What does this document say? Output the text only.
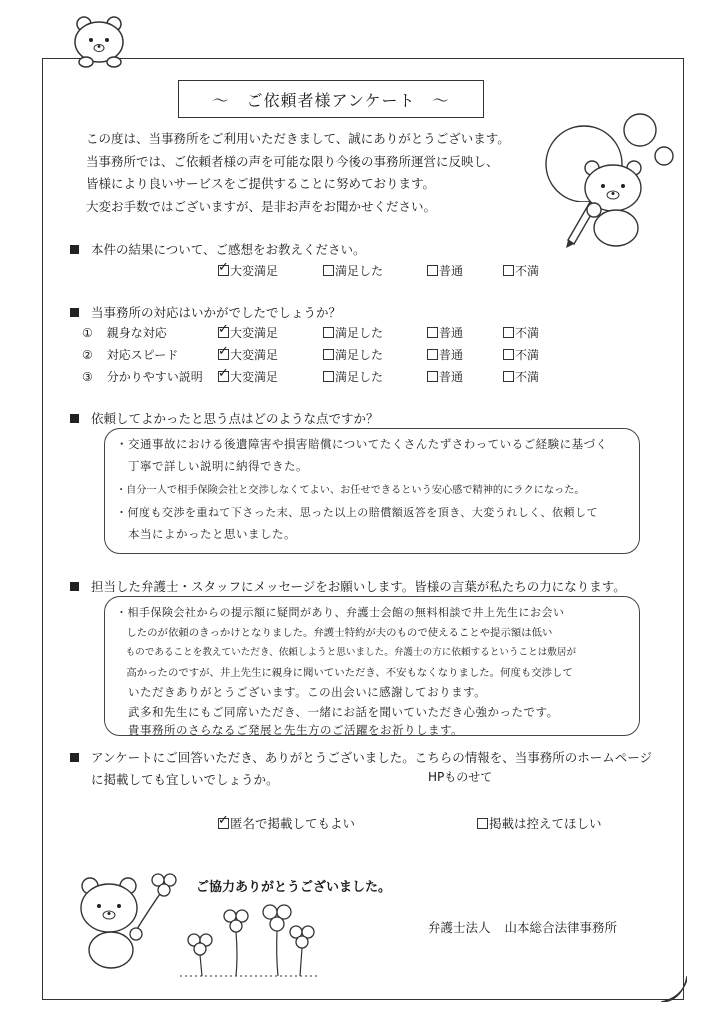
〜　ご依頼者様アンケート　〜
この度は、当事務所をご利用いただきまして、誠にありがとうございます。
当事務所では、ご依頼者様の声を可能な限り今後の事務所運営に反映し、
皆様により良いサービスをご提供することに努めております。
大変お手数ではございますが、是非お声をお聞かせください。
本件の結果について、ご感想をお教えください。
✓ 大変満足	満足した	普通	不満
当事務所の対応はいかがでしたでしょうか？
① 親身な対応	✓ 大変満足	満足した	普通	不満
② 対応スピード	✓ 大変満足	満足した	普通	不満
③ 分かりやすい説明 ✓ 大変満足	満足した	普通	不満
依頼してよかったと思う点はどのような点ですか？
・交通事故における後遺障害や損害賠償についてたくさんたずさわっているご経験に基づく
　丁寧で詳しい説明に納得できた。
・自分一人で相手保険会社と交渉しなくてよい、お任せできるという安心感で精神的にラクになった。
・何度も交渉を重ねて下さった末、思った以上の賠償額返答を頂き、大変うれしく、依頼して
　本当によかったと思いました。
担当した弁護士・スタッフにメッセージをお願いします。皆様の言葉が私たちの力になります。
・相手保険会社からの提示額に疑問があり、弁護士会館の無料相談で井上先生にお会い
　したのが依頼のきっかけとなりました。弁護士特約が夫のもので使えることや提示額は低い
　ものであることを教えていただき、依頼しようと思いました。弁護士の方に依頼するということは敷居が
　高かったのですが、井上先生に親身に聞いていただき、不安もなくなりました。何度も交渉して
　いただきありがとうございます。この出会いに感謝しております。
　武多和先生にもご同席いただき、一緒にお話を聞いていただき心強かったです。
　貴事務所のさらなるご発展と先生方のご活躍をお祈りします。
アンケートにご回答いただき、ありがとうございました。こちらの情報を、当事務所のホームページ
に掲載しても宜しいでしょうか。	HPものせて
✓ 匿名で掲載してもよい	掲載は控えてほしい
ご協力ありがとうございました。
弁護士法人 山本総合法律事務所
